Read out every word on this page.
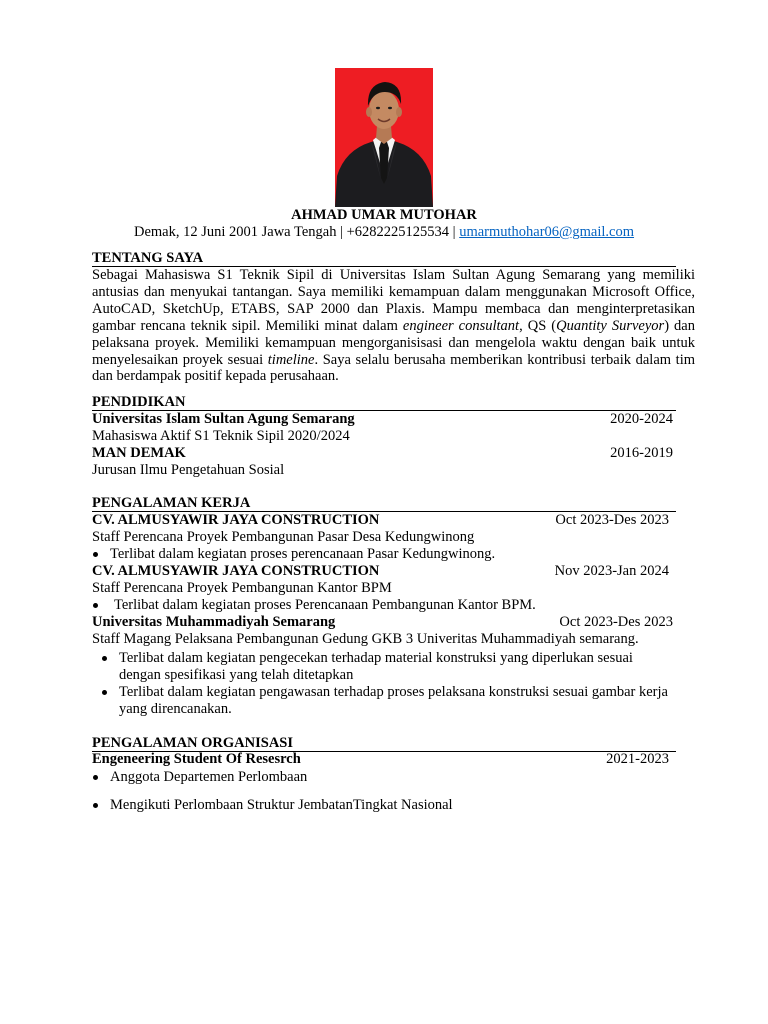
AHMAD UMAR MUTOHAR
Demak, 12 Juni 2001 Jawa Tengah | +6282225125534 | umarmuthohar06@gmail.com
TENTANG SAYA
Sebagai Mahasiswa S1 Teknik Sipil di Universitas Islam Sultan Agung Semarang yang memiliki antusias dan menyukai tantangan. Saya memiliki kemampuan dalam menggunakan Microsoft Office, AutoCAD, SketchUp, ETABS, SAP 2000 dan Plaxis. Mampu membaca dan menginterpretasikan gambar rencana teknik sipil. Memiliki minat dalam engineer consultant, QS (Quantity Surveyor) dan pelaksana proyek. Memiliki kemampuan mengorganisisasi dan mengelola waktu dengan baik untuk menyelesaikan proyek sesuai timeline. Saya selalu berusaha memberikan kontribusi terbaik dalam tim dan berdampak positif kepada perusahaan.
PENDIDIKAN
Universitas Islam Sultan Agung Semarang	2020-2024
Mahasiswa Aktif S1 Teknik Sipil 2020/2024
MAN DEMAK	2016-2019
Jurusan Ilmu Pengetahuan Sosial
PENGALAMAN KERJA
CV. ALMUSYAWIR JAYA CONSTRUCTION	Oct 2023-Des 2023
Staff Perencana Proyek Pembangunan Pasar Desa Kedungwinong
Terlibat dalam kegiatan proses perencanaan Pasar Kedungwinong.
CV. ALMUSYAWIR JAYA CONSTRUCTION	Nov 2023-Jan 2024
Staff Perencana Proyek Pembangunan Kantor BPM
Terlibat dalam kegiatan proses Perencanaan Pembangunan Kantor BPM.
Universitas Muhammadiyah Semarang	Oct 2023-Des 2023
Staff Magang Pelaksana Pembangunan Gedung GKB 3 Univeritas Muhammadiyah semarang.
Terlibat dalam kegiatan pengecekan terhadap material konstruksi yang diperlukan sesuai dengan spesifikasi yang telah ditetapkan
Terlibat dalam kegiatan pengawasan terhadap proses pelaksana konstruksi sesuai gambar kerja yang direncanakan.
PENGALAMAN ORGANISASI
Engeneering Student Of Resesrch	2021-2023
Anggota Departemen Perlombaan
Mengikuti Perlombaan Struktur JembatanTingkat Nasional
